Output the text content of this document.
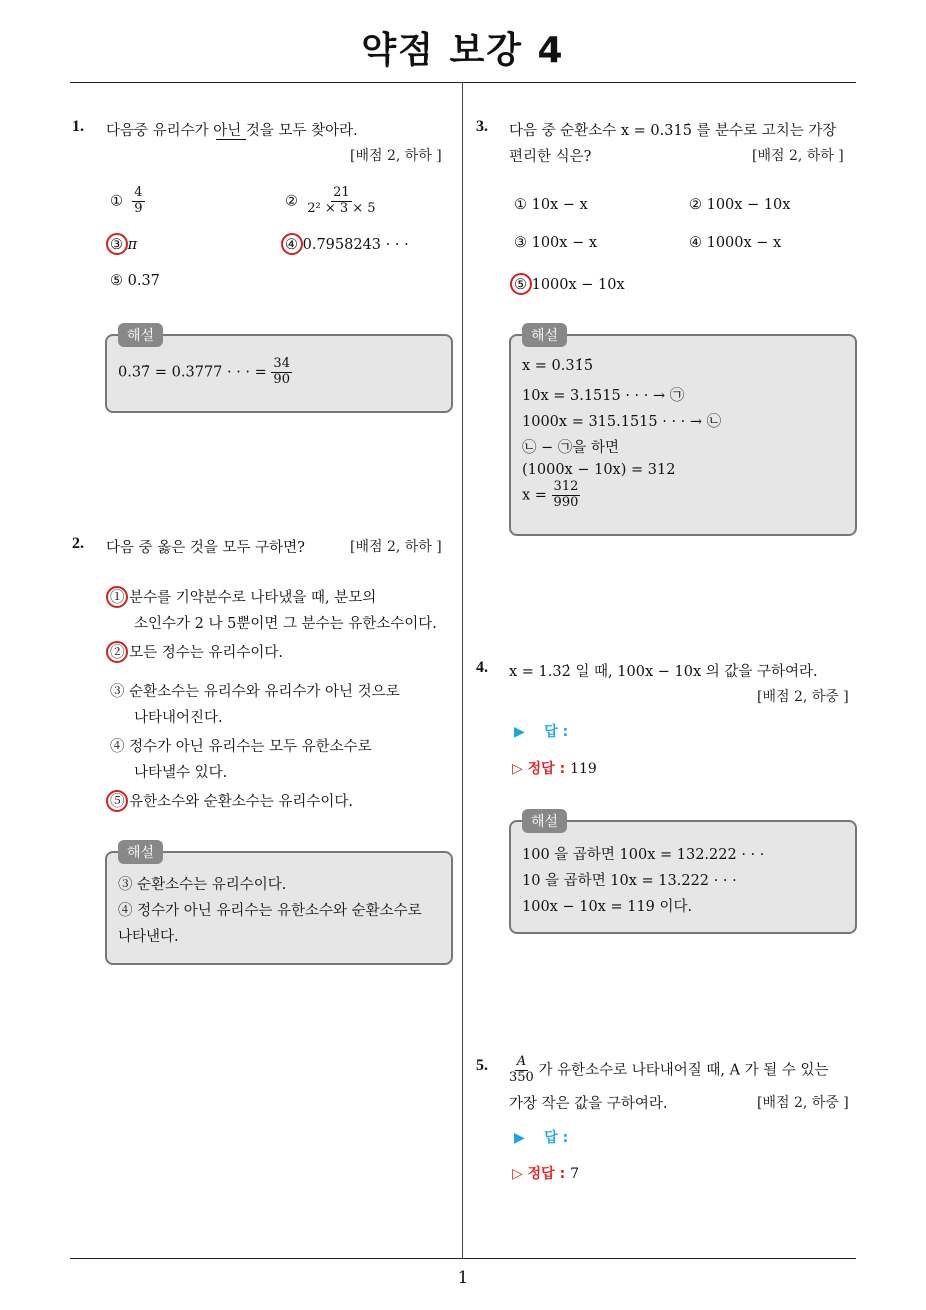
약점 보강 4
1
1. 다음중 유리수가 아닌 것을 모두 찾아라.
[배점 2, 하하 ]
① $\frac{4}{9}$	② $\frac{21}{\text{2² × 3 × 5}}$
③ π	④ 0.7958243 · · ·
⑤ 0.37
해설
0.37̇ = 0.3777 · · · = $\frac{34}{90}$
2. 다음 중 옳은 것을 모두 구하면?	[배점 2, 하하 ]
① 분수를 기약분수로 나타냈을 때, 분모의
소인수가 2 나 5뿐이면 그 분수는 유한소수이다.
② 모든 정수는 유리수이다.
③ 순환소수는 유리수와 유리수가 아닌 것으로
나타내어진다.
④ 정수가 아닌 유리수는 모두 유한소수로
나타낼수 있다.
⑤ 유한소수와 순환소수는 유리수이다.
해설
③ 순환소수는 유리수이다.
④ 정수가 아닌 유리수는 유한소수와 순환소수로
나타낸다.
3. 다음 중 순환소수 x = 0.315̇ 를 분수로 고치는 가장
편리한 식은?	[배점 2, 하하 ]
① 10x − x	② 100x − 10x
③ 100x − x	④ 1000x − x
⑤ 1000x − 10x
해설
x = 0.31̇5̇
10x = 3.1515 · · · → ㉠
1000x = 315.1515 · · · → ㉡
㉡ − ㉠을 하면
(1000x − 10x) = 312
$x = \frac{312}{990}$
4. x = 1.32̇ 일 때, 100x − 10x 의 값을 구하여라.
[배점 2, 하중 ]
▶ 답 :
▷ 정답 : 119
해설
100 을 곱하면 100x = 132.222 · · ·
10 을 곱하면 10x = 13.222 · · ·
100x − 10x = 119 이다.
5. $\frac{A}{350}$ 가 유한소수로 나타내어질 때, A 가 될 수 있는
가장 작은 값을 구하여라.	[배점 2, 하중 ]
▶ 답 :
▷ 정답 : 7
